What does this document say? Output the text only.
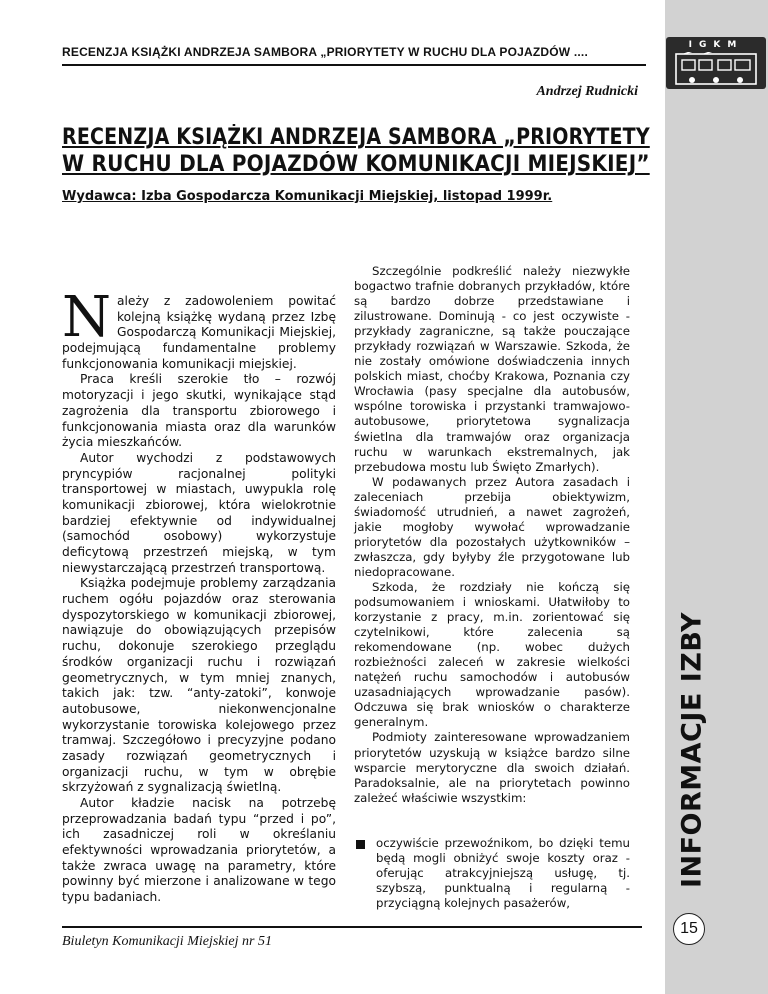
IGKM
INFORMACJE IZBY
15
RECENZJA KSIĄŻKI ANDRZEJA SAMBORA „PRIORYTETY W RUCHU DLA POJAZDÓW ....
Andrzej Rudnicki
RECENZJA KSIĄŻKI ANDRZEJA SAMBORA „PRIORYTETY
W RUCHU DLA POJAZDÓW KOMUNIKACJI MIEJSKIEJ”
Wydawca: Izba Gospodarcza Komunikacji Miejskiej, listopad 1999r.

Należy z zadowoleniem powitać kolejną książkę wydaną przez Izbę Gospodarczą Komunikacji Miejskiej, podejmującą fundamentalne problemy funkcjonowania komunikacji miejskiej.

Praca kreśli szerokie tło – rozwój motoryzacji i jego skutki, wynikające stąd zagrożenia dla transportu zbiorowego i funkcjonowania miasta oraz dla warunków życia mieszkańców.

Autor wychodzi z podstawowych pryncypiów racjonalnej polityki transportowej w miastach, uwypukla rolę komunikacji zbiorowej, która wielokrotnie bardziej efektywnie od indywidualnej (samochód osobowy) wykorzystuje deficytową przestrzeń miejską, w tym niewystarczającą przestrzeń transportową.

Książka podejmuje problemy zarządzania ruchem ogółu pojazdów oraz sterowania dyspozytorskiego w komunikacji zbiorowej, nawiązuje do obowiązujących przepisów ruchu, dokonuje szerokiego przeglądu środków organizacji ruchu i rozwiązań geometrycznych, w tym mniej znanych, takich jak: tzw. “anty-zatoki”, konwoje autobusowe, niekonwencjonalne wykorzystanie torowiska kolejowego przez tramwaj. Szczegółowo i precyzyjne podano zasady rozwiązań geometrycznych i organizacji ruchu, w tym w obrębie skrzyżowań z sygnalizacją świetlną.

Autor kładzie nacisk na potrzebę przeprowadzania badań typu “przed i po”, ich zasadniczej roli w określaniu efektywności wprowadzania priorytetów, a także zwraca uwagę na parametry, które powinny być mierzone i analizowane w tego typu badaniach.

Szczególnie podkreślić należy niezwykłe bogactwo trafnie dobranych przykładów, które są bardzo dobrze przedstawiane i zilustrowane. Dominują - co jest oczywiste - przykłady zagraniczne, są także pouczające przykłady rozwiązań w Warszawie. Szkoda, że nie zostały omówione doświadczenia innych polskich miast, choćby Krakowa, Poznania czy Wrocławia (pasy specjalne dla autobusów, wspólne torowiska i przystanki tramwajowo-autobusowe, priorytetowa sygnalizacja świetlna dla tramwajów oraz organizacja ruchu w warunkach ekstremalnych, jak przebudowa mostu lub Święto Zmarłych).

W podawanych przez Autora zasadach i zaleceniach przebija obiektywizm, świadomość utrudnień, a nawet zagrożeń, jakie mogłoby wywołać wprowadzanie priorytetów dla pozostałych użytkowników – zwłaszcza, gdy byłyby źle przygotowane lub niedopracowane.

Szkoda, że rozdziały nie kończą się podsumowaniem i wnioskami. Ułatwiłoby to korzystanie z pracy, m.in. zorientować się czytelnikowi, które zalecenia są rekomendowane (np. wobec dużych rozbieżności zaleceń w zakresie wielkości natężeń ruchu samochodów i autobusów uzasadniających wprowadzanie pasów). Odczuwa się brak wniosków o charakterze generalnym.

Podmioty zainteresowane wprowadzaniem priorytetów uzyskują w książce bardzo silne wsparcie merytoryczne dla swoich działań. Paradoksalnie, ale na priorytetach powinno zależeć właściwie wszystkim:

oczywiście przewoźnikom, bo dzięki temu będą mogli obniżyć swoje koszty oraz -oferując atrakcyjniejszą usługę, tj. szybszą, punktualną i regularną - przyciągną kolejnych pasażerów,
Biuletyn Komunikacji Miejskiej nr 51
